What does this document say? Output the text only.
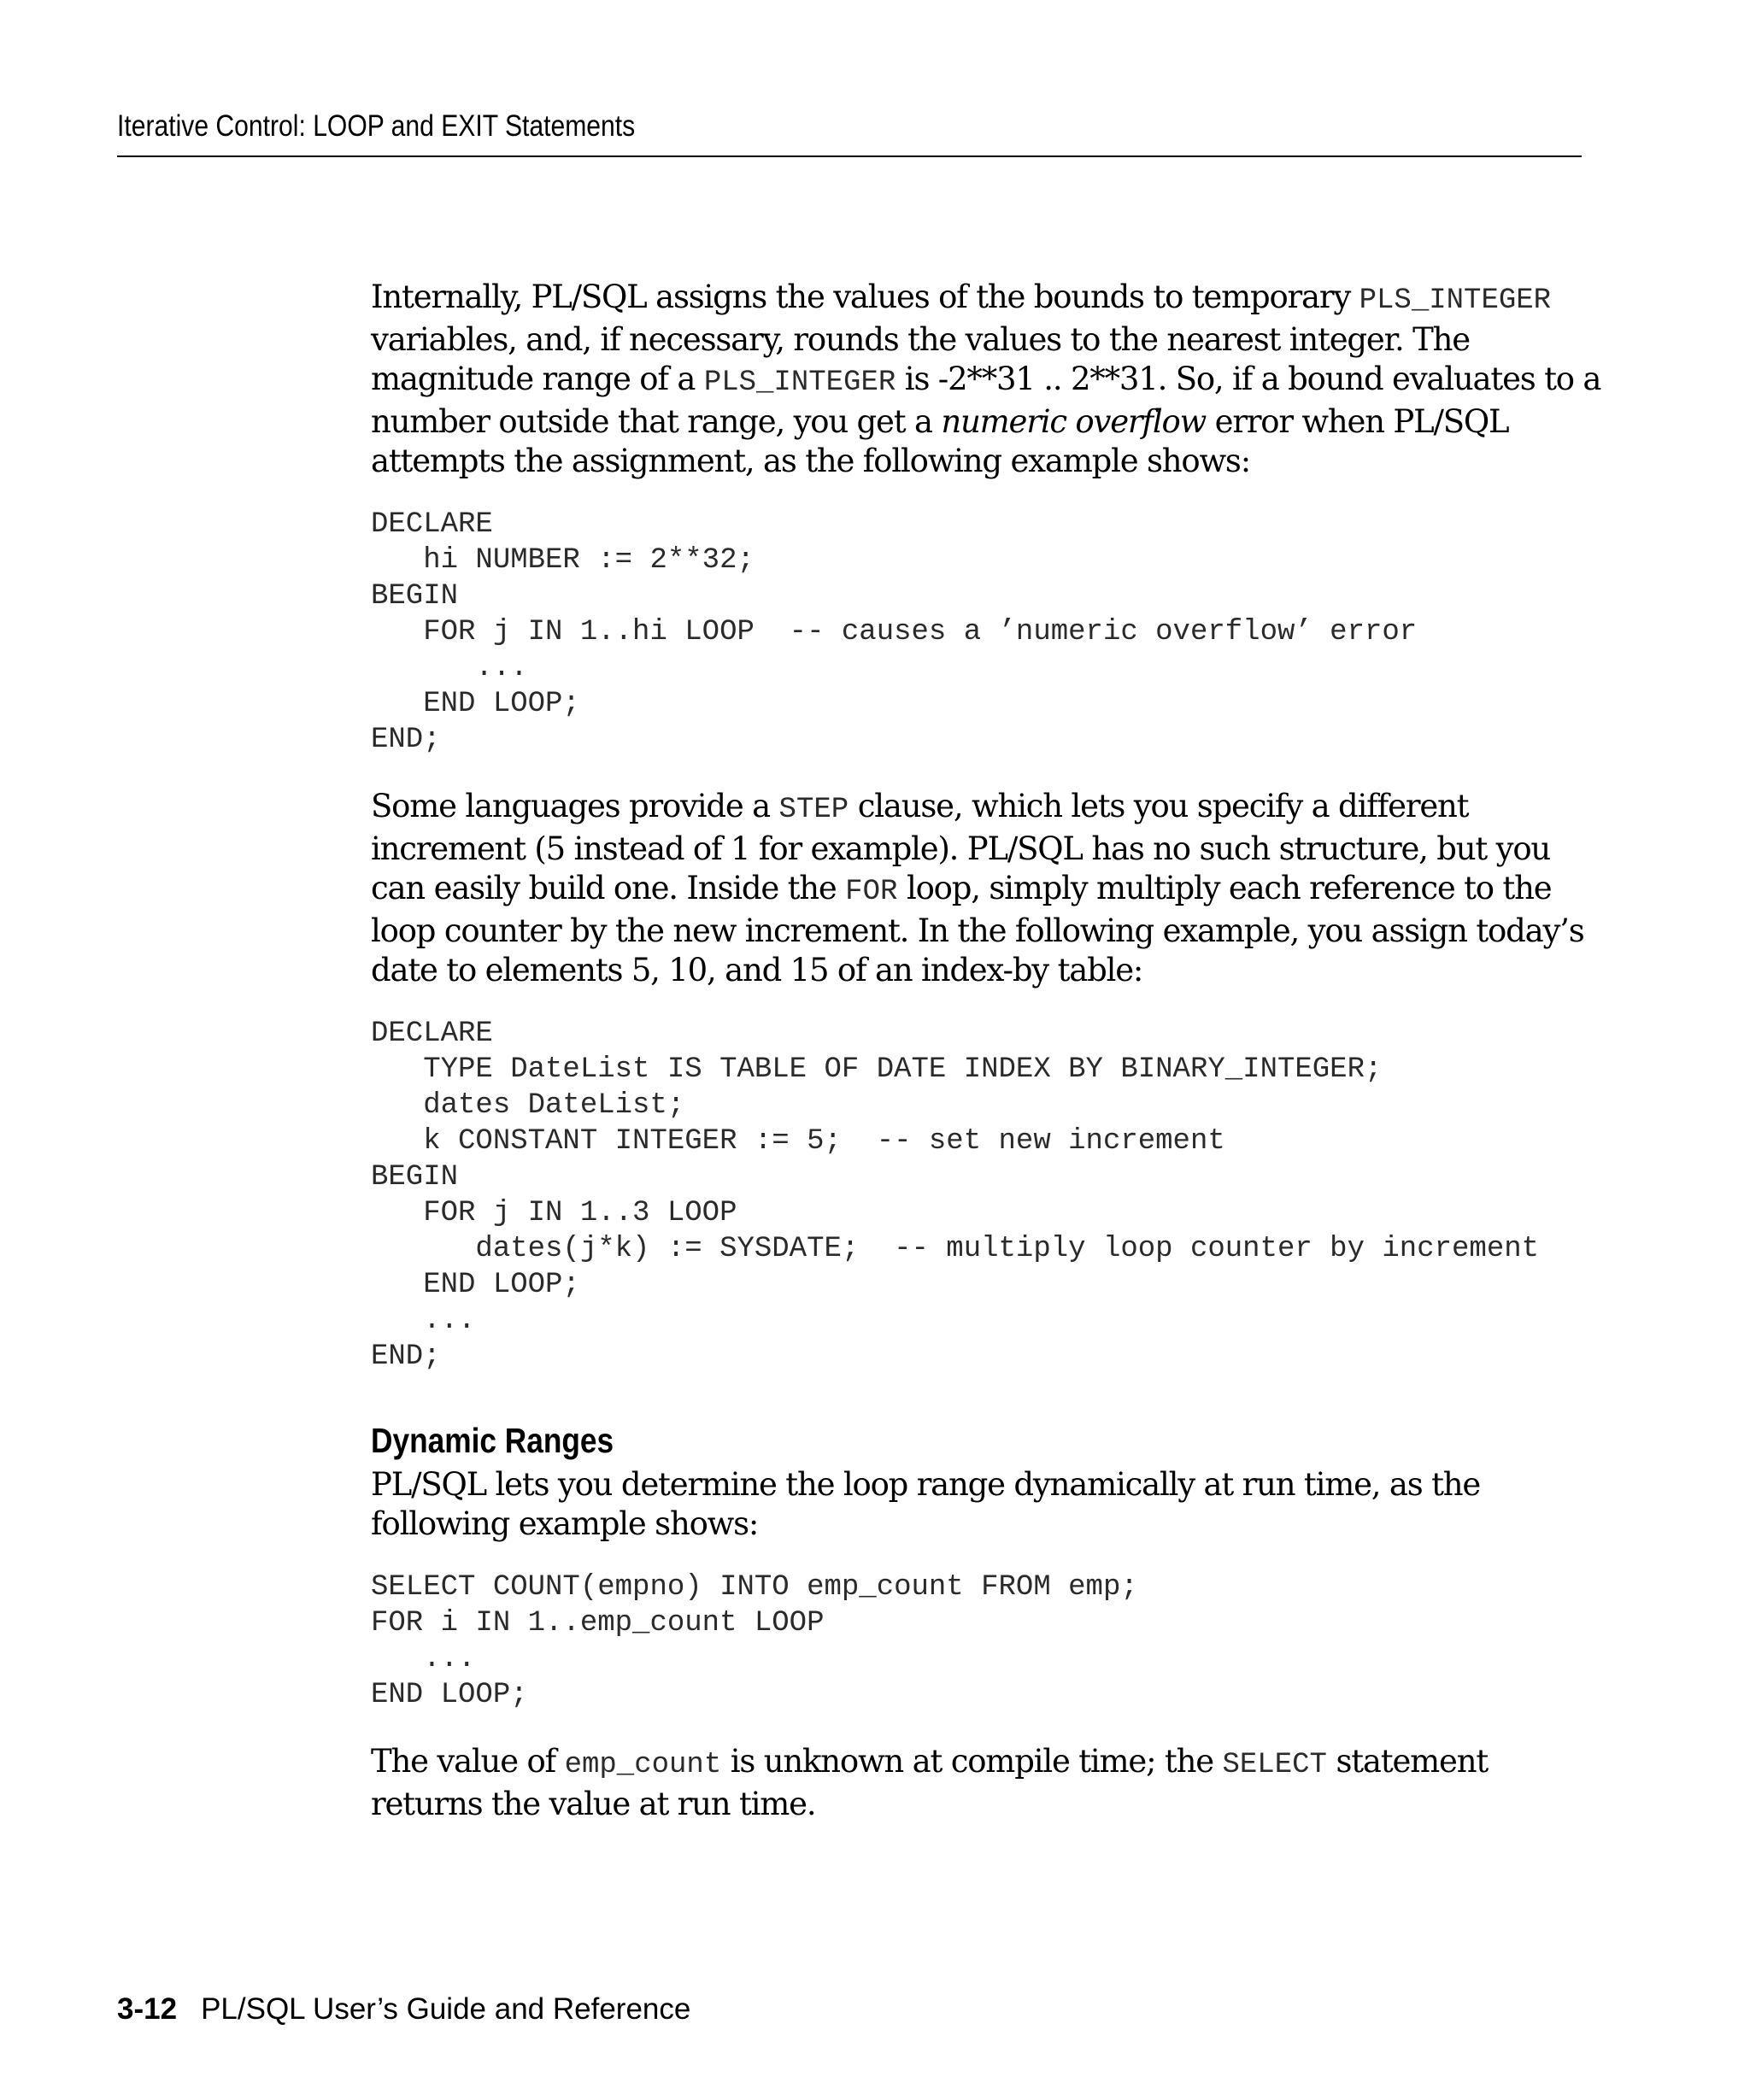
Iterative Control: LOOP and EXIT Statements

Internally, PL/SQL assigns the values of the bounds to temporary PLS_INTEGER variables, and, if necessary, rounds the values to the nearest integer. The magnitude range of a PLS_INTEGER is -2**31 .. 2**31. So, if a bound evaluates to a number outside that range, you get a numeric overflow error when PL/SQL attempts the assignment, as the following example shows:

DECLARE
hi NUMBER := 2**32;
BEGIN
FOR j IN 1..hi LOOP  -- causes a ’numeric overflow’ error
...
END LOOP;
END;

Some languages provide a STEP clause, which lets you specify a different increment (5 instead of 1 for example). PL/SQL has no such structure, but you can easily build one. Inside the FOR loop, simply multiply each reference to the loop counter by the new increment. In the following example, you assign today’s date to elements 5, 10, and 15 of an index-by table:

DECLARE
TYPE DateList IS TABLE OF DATE INDEX BY BINARY_INTEGER;
dates DateList;
k CONSTANT INTEGER := 5;  -- set new increment
BEGIN
FOR j IN 1..3 LOOP
dates(j*k) := SYSDATE;  -- multiply loop counter by increment
END LOOP;
...
END;
Dynamic Ranges

PL/SQL lets you determine the loop range dynamically at run time, as the following example shows:

SELECT COUNT(empno) INTO emp_count FROM emp;
FOR i IN 1..emp_count LOOP
...
END LOOP;

The value of emp_count is unknown at compile time; the SELECT statement returns the value at run time.

3-12 PL/SQL User’s Guide and Reference
